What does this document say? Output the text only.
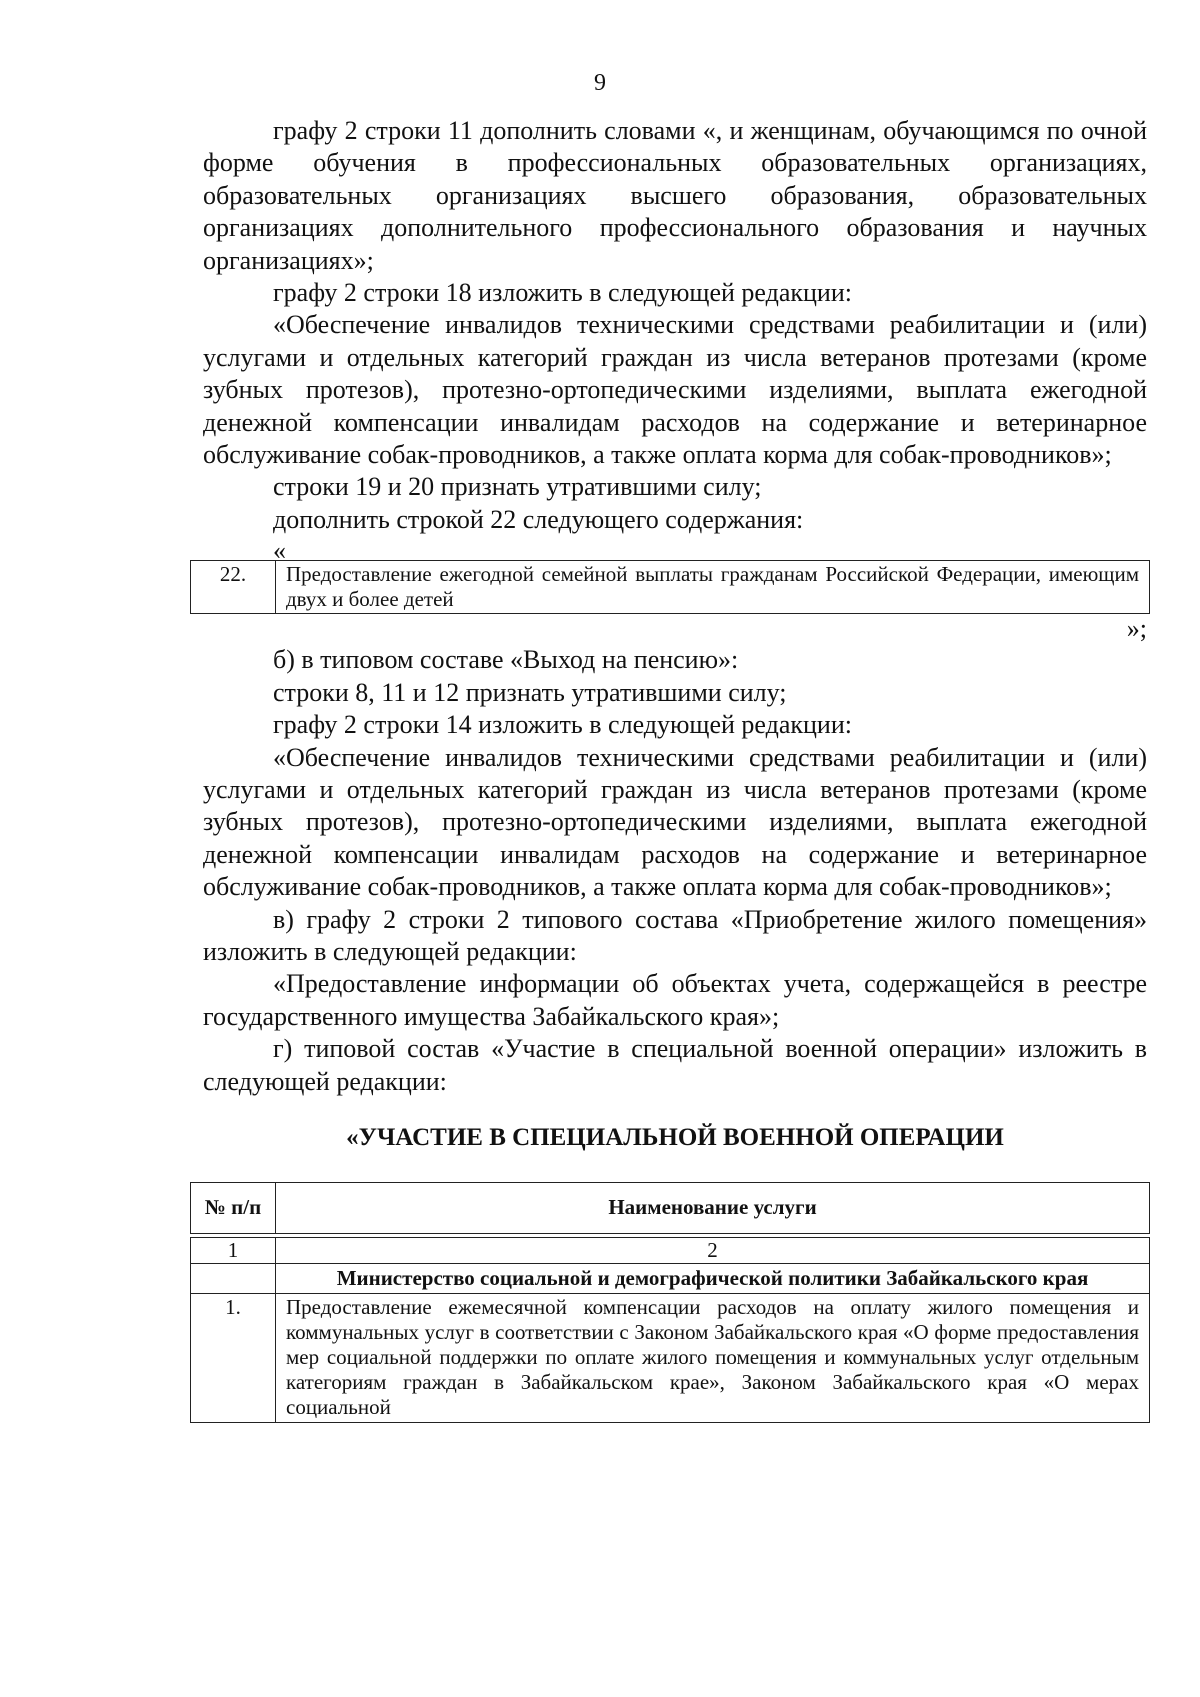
9

графу 2 строки 11 дополнить словами «, и женщинам, обучающимся по очной форме обучения в профессиональных образовательных организациях, образовательных организациях высшего образования, образовательных организациях дополнительного профессионального образования и научных организациях»;

графу 2 строки 18 изложить в следующей редакции:

«Обеспечение инвалидов техническими средствами реабилитации и (или) услугами и отдельных категорий граждан из числа ветеранов протезами (кроме зубных протезов), протезно-ортопедическими изделиями, выплата ежегодной денежной компенсации инвалидам расходов на содержание и ветеринарное обслуживание собак-проводников, а также оплата корма для собак-проводников»;

строки 19 и 20 признать утратившими силу;

дополнить строкой 22 следующего содержания:

«
22.	Предоставление ежегодной семейной выплаты гражданам Российской Федерации, имеющим двух и более детей
»;

б) в типовом составе «Выход на пенсию»:

строки 8, 11 и 12 признать утратившими силу;

графу 2 строки 14 изложить в следующей редакции:

«Обеспечение инвалидов техническими средствами реабилитации и (или) услугами и отдельных категорий граждан из числа ветеранов протезами (кроме зубных протезов), протезно-ортопедическими изделиями, выплата ежегодной денежной компенсации инвалидам расходов на содержание и ветеринарное обслуживание собак-проводников, а также оплата корма для собак-проводников»;

в) графу 2 строки 2 типового состава «Приобретение жилого помещения» изложить в следующей редакции:

«Предоставление информации об объектах учета, содержащейся в реестре государственного имущества Забайкальского края»;

г) типовой состав «Участие в специальной военной операции» изложить в следующей редакции:

«УЧАСТИЕ В СПЕЦИАЛЬНОЙ ВОЕННОЙ ОПЕРАЦИИ
№ п/п	Наименование услуги

1	2
	Министерство социальной и демографической политики Забайкальского края
1.	Предоставление ежемесячной компенсации расходов на оплату жилого помещения и коммунальных услуг в соответствии с Законом Забайкальского края «О форме предоставления мер социальной поддержки по оплате жилого помещения и коммунальных услуг отдельным категориям граждан в Забайкальском крае», Законом Забайкальского края «О мерах социальной
